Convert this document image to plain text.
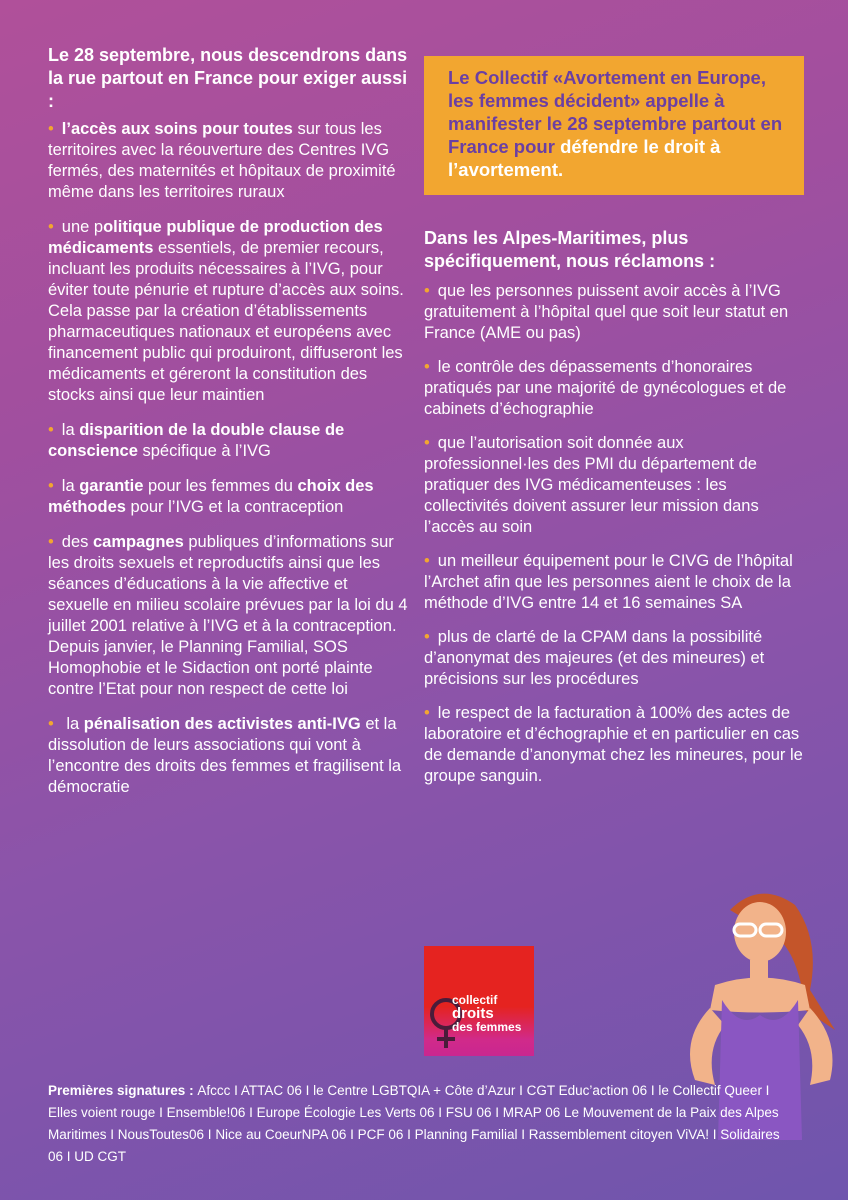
Le 28 septembre, nous descendrons dans la rue partout en France pour exiger aussi :

• l’accès aux soins pour toutes sur tous les territoires avec la réouverture des Centres IVG fermés, des maternités et hôpitaux de proximité même dans les territoires ruraux

• une politique publique de production des médicaments essentiels, de premier recours, incluant les produits nécessaires à l’IVG, pour éviter toute pénurie et rupture d’accès aux soins. Cela passe par la création d’établissements pharmaceutiques nationaux et européens avec financement public qui produiront, diffuseront les médicaments et géreront la constitution des stocks ainsi que leur maintien

• la disparition de la double clause de conscience spécifique à l’IVG

• la garantie pour les femmes du choix des méthodes pour l’IVG et la contraception

• des campagnes publiques d’informations sur les droits sexuels et reproductifs ainsi que les séances d’éducations à la vie affective et sexuelle en milieu scolaire prévues par la loi du 4 juillet 2001 relative à l’IVG et à la contraception. Depuis janvier, le Planning Familial, SOS Homophobie et le Sidaction ont porté plainte contre l’Etat pour non respect de cette loi

• la pénalisation des activistes anti-IVG et la dissolution de leurs associations qui vont à l’encontre des droits des femmes et fragilisent la démocratie

Le Collectif «Avortement en Europe, les femmes décident» appelle à manifester le 28 septembre partout en France pour défendre le droit à l’avortement.

Dans les Alpes-Maritimes, plus spécifiquement, nous réclamons :

• que les personnes puissent avoir accès à l’IVG gratuitement à l’hôpital quel que soit leur statut en France (AME ou pas)

• le contrôle des dépassements d’honoraires pratiqués par une majorité de gynécologues et de cabinets d’échographie

• que l’autorisation soit donnée aux professionnel·les des PMI du département de pratiquer des IVG médicamenteuses : les collectivités doivent assurer leur mission dans l’accès au soin

• un meilleur équipement pour le CIVG de l’hôpital l’Archet afin que les personnes aient le choix de la méthode d’IVG entre 14 et 16 semaines SA

• plus de clarté de la CPAM dans la possibilité d’anonymat des majeures (et des mineures) et précisions sur les procédures

• le respect de la facturation à 100% des actes de laboratoire et d’échographie et en particulier en cas de demande d’anonymat chez les mineures, pour le groupe sanguin.

collectif
droits
des femmes
Premières signatures : Afccc I ATTAC 06 I le Centre LGBTQIA + Côte d’Azur I CGT Educ’action 06 I le Collectif Queer I Elles voient rouge I Ensemble!06 I Europe Écologie Les Verts 06 I FSU 06 I MRAP 06 Le Mouvement de la Paix des Alpes Maritimes I NousToutes06 I Nice au CoeurNPA 06 I PCF 06 I Planning Familial I Rassemblement citoyen ViVA! I Solidaires 06 I UD CGT
